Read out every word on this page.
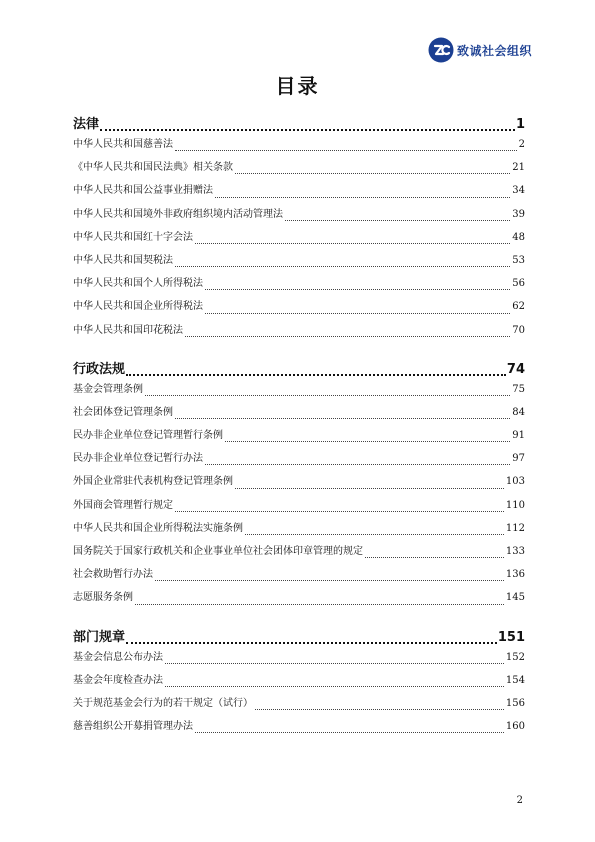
致诚社会组织
目录
法律	1
中华人民共和国慈善法	2
《中华人民共和国民法典》相关条款	21
中华人民共和国公益事业捐赠法	34
中华人民共和国境外非政府组织境内活动管理法	39
中华人民共和国红十字会法	48
中华人民共和国契税法	53
中华人民共和国个人所得税法	56
中华人民共和国企业所得税法	62
中华人民共和国印花税法	70
行政法规	74
基金会管理条例	75
社会团体登记管理条例	84
民办非企业单位登记管理暂行条例	91
民办非企业单位登记暂行办法	97
外国企业常驻代表机构登记管理条例	103
外国商会管理暂行规定	110
中华人民共和国企业所得税法实施条例	112
国务院关于国家行政机关和企业事业单位社会团体印章管理的规定	133
社会救助暂行办法	136
志愿服务条例	145
部门规章	151
基金会信息公布办法	152
基金会年度检查办法	154
关于规范基金会行为的若干规定（试行）	156
慈善组织公开募捐管理办法	160
2
